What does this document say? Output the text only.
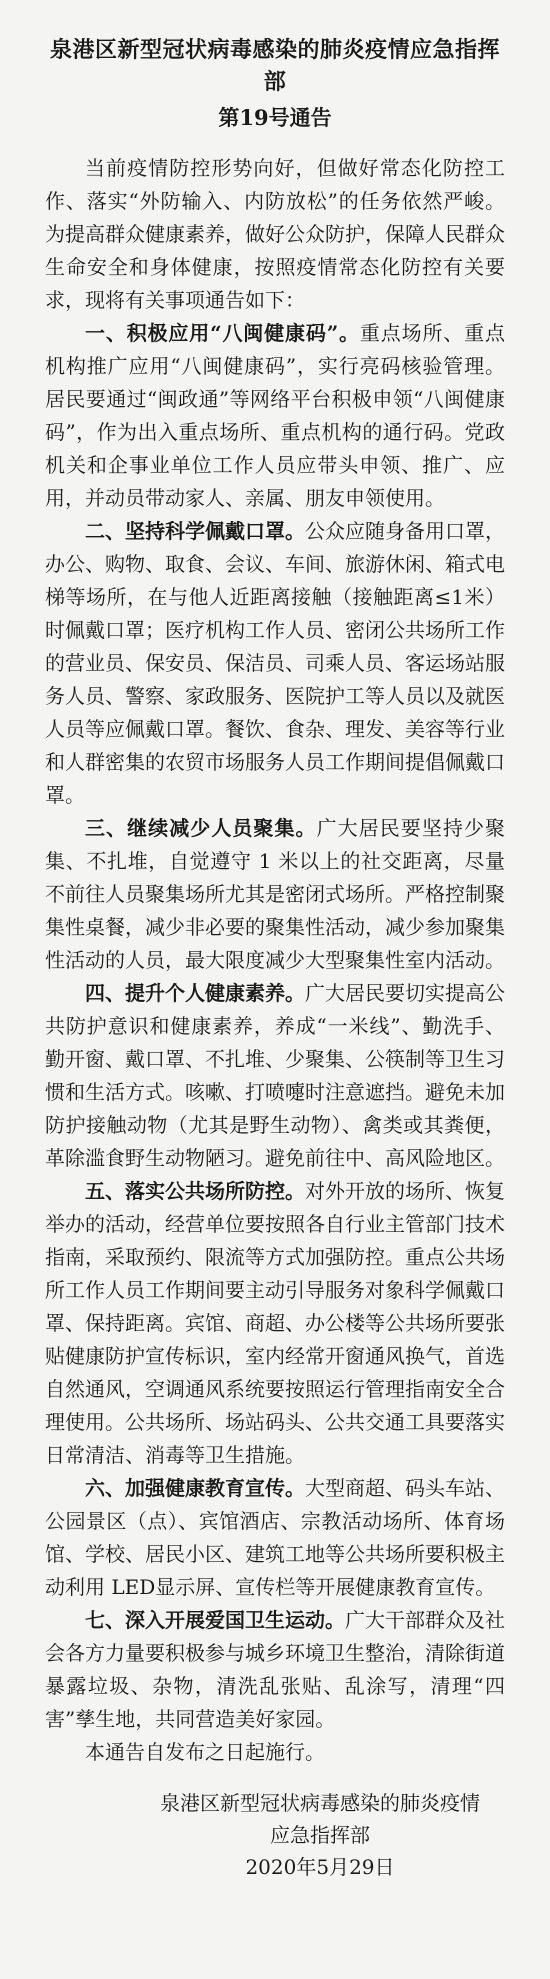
泉港区新型冠状病毒感染的肺炎疫情应急指挥部
第19号通告

当前疫情防控形势向好，但做好常态化防控工作、落实“外防输入、内防放松”的任务依然严峻。为提高群众健康素养，做好公众防护，保障人民群众生命安全和身体健康，按照疫情常态化防控有关要求，现将有关事项通告如下：

一、积极应用“八闽健康码”。重点场所、重点机构推广应用“八闽健康码”，实行亮码核验管理。居民要通过“闽政通”等网络平台积极申领“八闽健康码”，作为出入重点场所、重点机构的通行码。党政机关和企事业单位工作人员应带头申领、推广、应用，并动员带动家人、亲属、朋友申领使用。

二、坚持科学佩戴口罩。公众应随身备用口罩，办公、购物、取食、会议、车间、旅游休闲、箱式电梯等场所，在与他人近距离接触（接触距离≤1米）时佩戴口罩；医疗机构工作人员、密闭公共场所工作的营业员、保安员、保洁员、司乘人员、客运场站服务人员、警察、家政服务、医院护工等人员以及就医人员等应佩戴口罩。餐饮、食杂、理发、美容等行业和人群密集的农贸市场服务人员工作期间提倡佩戴口罩。

三、继续减少人员聚集。广大居民要坚持少聚集、不扎堆，自觉遵守 1 米以上的社交距离，尽量不前往人员聚集场所尤其是密闭式场所。严格控制聚集性桌餐，减少非必要的聚集性活动，减少参加聚集性活动的人员，最大限度减少大型聚集性室内活动。

四、提升个人健康素养。广大居民要切实提高公共防护意识和健康素养，养成“一米线”、勤洗手、勤开窗、戴口罩、不扎堆、少聚集、公筷制等卫生习惯和生活方式。咳嗽、打喷嚏时注意遮挡。避免未加防护接触动物（尤其是野生动物）、禽类或其粪便，革除滥食野生动物陋习。避免前往中、高风险地区。

五、落实公共场所防控。对外开放的场所、恢复举办的活动，经营单位要按照各自行业主管部门技术指南，采取预约、限流等方式加强防控。重点公共场所工作人员工作期间要主动引导服务对象科学佩戴口罩、保持距离。宾馆、商超、办公楼等公共场所要张贴健康防护宣传标识，室内经常开窗通风换气，首选自然通风，空调通风系统要按照运行管理指南安全合理使用。公共场所、场站码头、公共交通工具要落实日常清洁、消毒等卫生措施。

六、加强健康教育宣传。大型商超、码头车站、公园景区（点）、宾馆酒店、宗教活动场所、体育场馆、学校、居民小区、建筑工地等公共场所要积极主动利用 LED显示屏、宣传栏等开展健康教育宣传。

七、深入开展爱国卫生运动。广大干部群众及社会各方力量要积极参与城乡环境卫生整治，清除街道暴露垃圾、杂物，清洗乱张贴、乱涂写，清理“四害”孳生地，共同营造美好家园。

本通告自发布之日起施行。

泉港区新型冠状病毒感染的肺炎疫情
应急指挥部
2020年5月29日
